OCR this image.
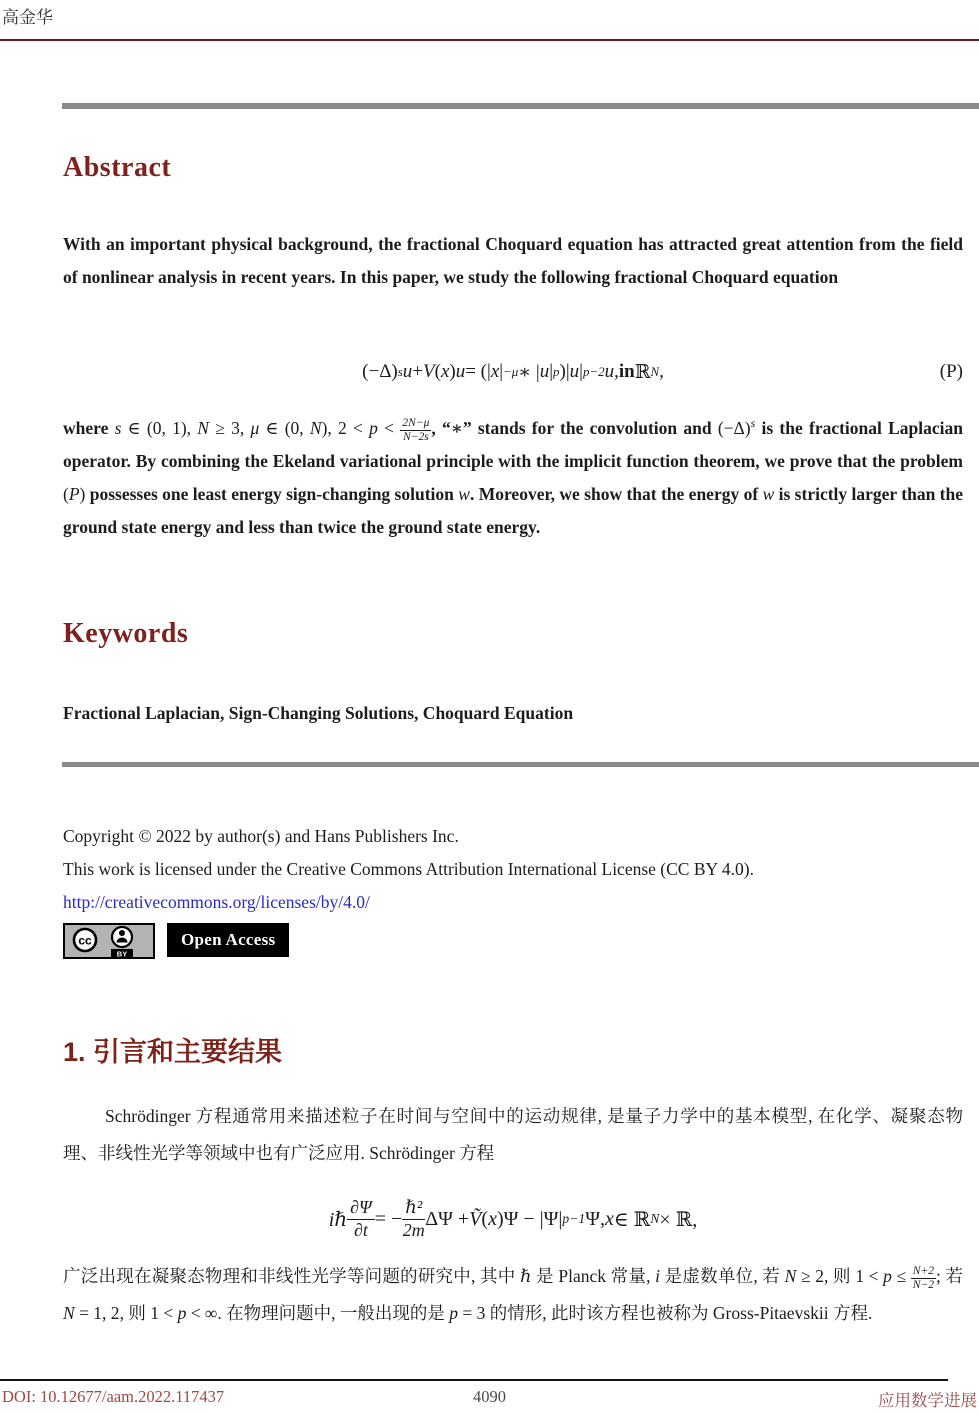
高金华
Abstract

With an important physical background, the fractional Choquard equation has attracted great attention from the field of nonlinear analysis in recent years. In this paper, we study the following fractional Choquard equation

(−Δ) s u + V ( x ) u = (| x | −μ ∗ | u | p )| u | p−2 u , in ℝ N ,	(P)

where s ∈ (0, 1), N ≥ 3, μ ∈ (0, N), $2 < p < \frac{2N-\mu}{N-2s}$ , “∗” stands for the convolution and $(-\Delta)^s$ is the fractional Laplacian operator. By combining the Ekeland variational principle with the implicit function theorem, we prove that the problem (P) possesses one least energy sign-changing solution w. Moreover, we show that the energy of w is strictly larger than the ground state energy and less than twice the ground state energy.

Keywords

Fractional Laplacian, Sign-Changing Solutions, Choquard Equation

Copyright © 2022 by author(s) and Hans Publishers Inc.
This work is licensed under the Creative Commons Attribution International License (CC BY 4.0).
http://creativecommons.org/licenses/by/4.0/
cc
BY
Open Access
1. 引言和主要结果

Schrödinger 方程通常用来描述粒子在时间与空间中的运动规律, 是量子力学中的基本模型, 在化学、凝聚态物理、非线性光学等领域中也有广泛应用. Schrödinger 方程

iℏ $\frac{\partial\Psi}{\partial t}$ = − $\frac{\text{ℏ²}}{2m}$ ΔΨ + Ṽ ( x )Ψ − |Ψ| p−1 Ψ, x ∈ ℝ N × ℝ,

广泛出现在凝聚态物理和非线性光学等问题的研究中, 其中 ℏ 是 Planck 常量, i 是虚数单位, 若 N ≥ 2, 则 $1 < p \le \frac{N+2}{N-2}$ ; 若 N = 1, 2, 则 1 < p < ∞. 在物理问题中, 一般出现的是 p = 3 的情形, 此时该方程也被称为 Gross-Pitaevskii 方程.

DOI: 10.12677/aam.2022.117437	4090	应用数学进展
